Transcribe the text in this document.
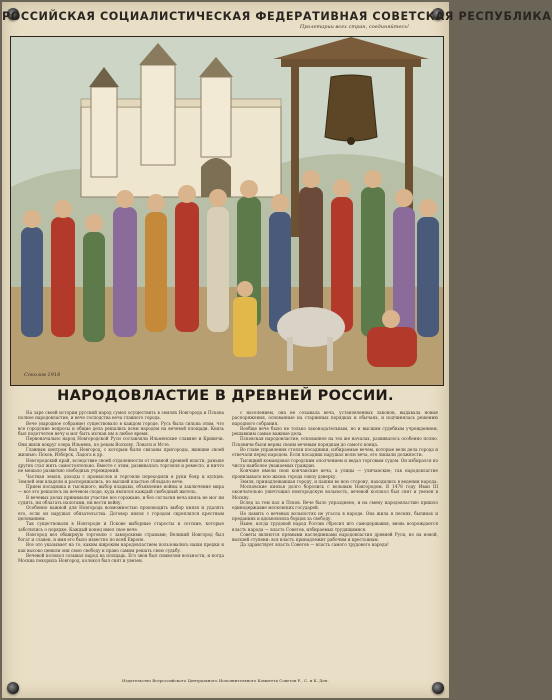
РОССИЙСКАЯ СОЦИАЛИСТИЧЕСКАЯ ФЕДЕРАТИВНАЯ СОВЕТСКАЯ РЕСПУБЛИКА
Пролетарии всех стран, соединяйтесь!
Соколов 1918
НАРОДОВЛАСТИЕ В ДРЕВНЕЙ РОССИИ.

На заре своей истории русский народ сумел осуществить в землях Новгорода и Пскова полное народовластие, и вече господства веча главного города.

Вече (народное собрание) существовало в каждом городе. Русь была сильна этим, что все городские вопросы и общие дела решались всем народом на вечевой площади. Князь был подотчетен вечу и мог быть изгнан им в любое время.

Первоначально народ Новгородской Руси составляли Ильменские славяне и Кривичи. Они жили вокруг озера Ильмень, по рекам Волхову, Ловати и Мсте.

Главным центром был Новгород, с которым были связаны пригороды, жившие своей жизнью: Псков, Изборск, Ладога и др.

Новгородский край, вследствие своей отдаленности от главной древней власти, раньше других стал жить самостоятельно. Вместе с этим, развивалась торговля и ремесло, и ничто не мешало развитию свободных учреждений.

Частная земля, доходы с промыслов и торговли переходили в руки бояр и купцов. Землей они владели и распоряжались, но высшей властью обладало вече.

Прием посадника и тысяцкого, выбор владыки, объявление войны и заключение мира — все это решалось на вечевом сходе, куда являлся каждый свободный житель.

В вечевых делах принимали участие все горожане, и без согласия веча князь не мог ни судить, ни облагать налогами, ни вести войну.

Особенно важной для Новгорода возможностью производить выбор князя и удалять его, если он нарушал обязательства. Договор князя с городом скреплялся крестным целованием.

Так существовали в Новгороде и Пскове выборные старосты и сотские, которые заботились о порядке. Каждый конец имел свое вече.

Новгород вел обширную торговлю с заморскими странами; Великий Новгород был богат и славен, и имя его было известно по всей Европе.

Все это указывает на то, каким широким народовластием пользовались наши предки и как высоко ценили они свою свободу и право самим решать свою судьбу.

Вечевой колокол созывал народ на площадь. Его звон был символом вольности, и когда Москва покорила Новгород, колокол был снят и увезен.

с населением, она не созывала веча, установленных законов, выдавала новые распоряжения, основанные на старинных порядках и обычаях, и подчинялась решению народного собрания.

Вообще вече было не только законодательным, но и высшим судебным учреждением, решавшим самые важные дела.

Псковская народовластие, основанное на тех же началах, развивалось особенно полно. Псковичи были верны своим вечевым порядкам до самого конца.

Во главе управления стояли посадники, избираемые вечем, которые вели дела города и отвечали перед народом. Если посадник нарушал волю веча, его лишали должности.

Тысяцкий командовал городским ополчением и ведал торговым судом. Он избирался из числа наиболее уважаемых граждан.

Кончане имели свои кончанские веча, а улицы — уличанские; так народовластие пронизывало всю жизнь города снизу доверху.

Земля, принадлежавшая городу, и пашни во всю сторону, находились в ведении народа.

Московские князья долго боролись с вольным Новгородом. В 1478 году Иван III окончательно уничтожил новгородскую вольность, вечевой колокол был снят и увезен в Москву.

Вслед за тем пал и Псков. Вече было упразднено, и на смену народовластию пришло единодержавие московских государей.

Но память о вечевых вольностях не угасла в народе. Она жила в песнях, былинах и преданиях и вдохновляла борцов за свободу.

Ныне, когда трудовой народ России сбросил иго самодержавия, вновь возрождается власть народа — власть Советов, избираемых трудящимися.

Советы являются прямыми наследниками народовластия древней Руси, но на новой, высшей ступени: вся власть принадлежит рабочим и крестьянам.

Да здравствует власть Советов — власть самого трудового народа!

Издательство Всероссийского Центрального Исполнительного Комитета Советов Р., С. и К. Деп.
